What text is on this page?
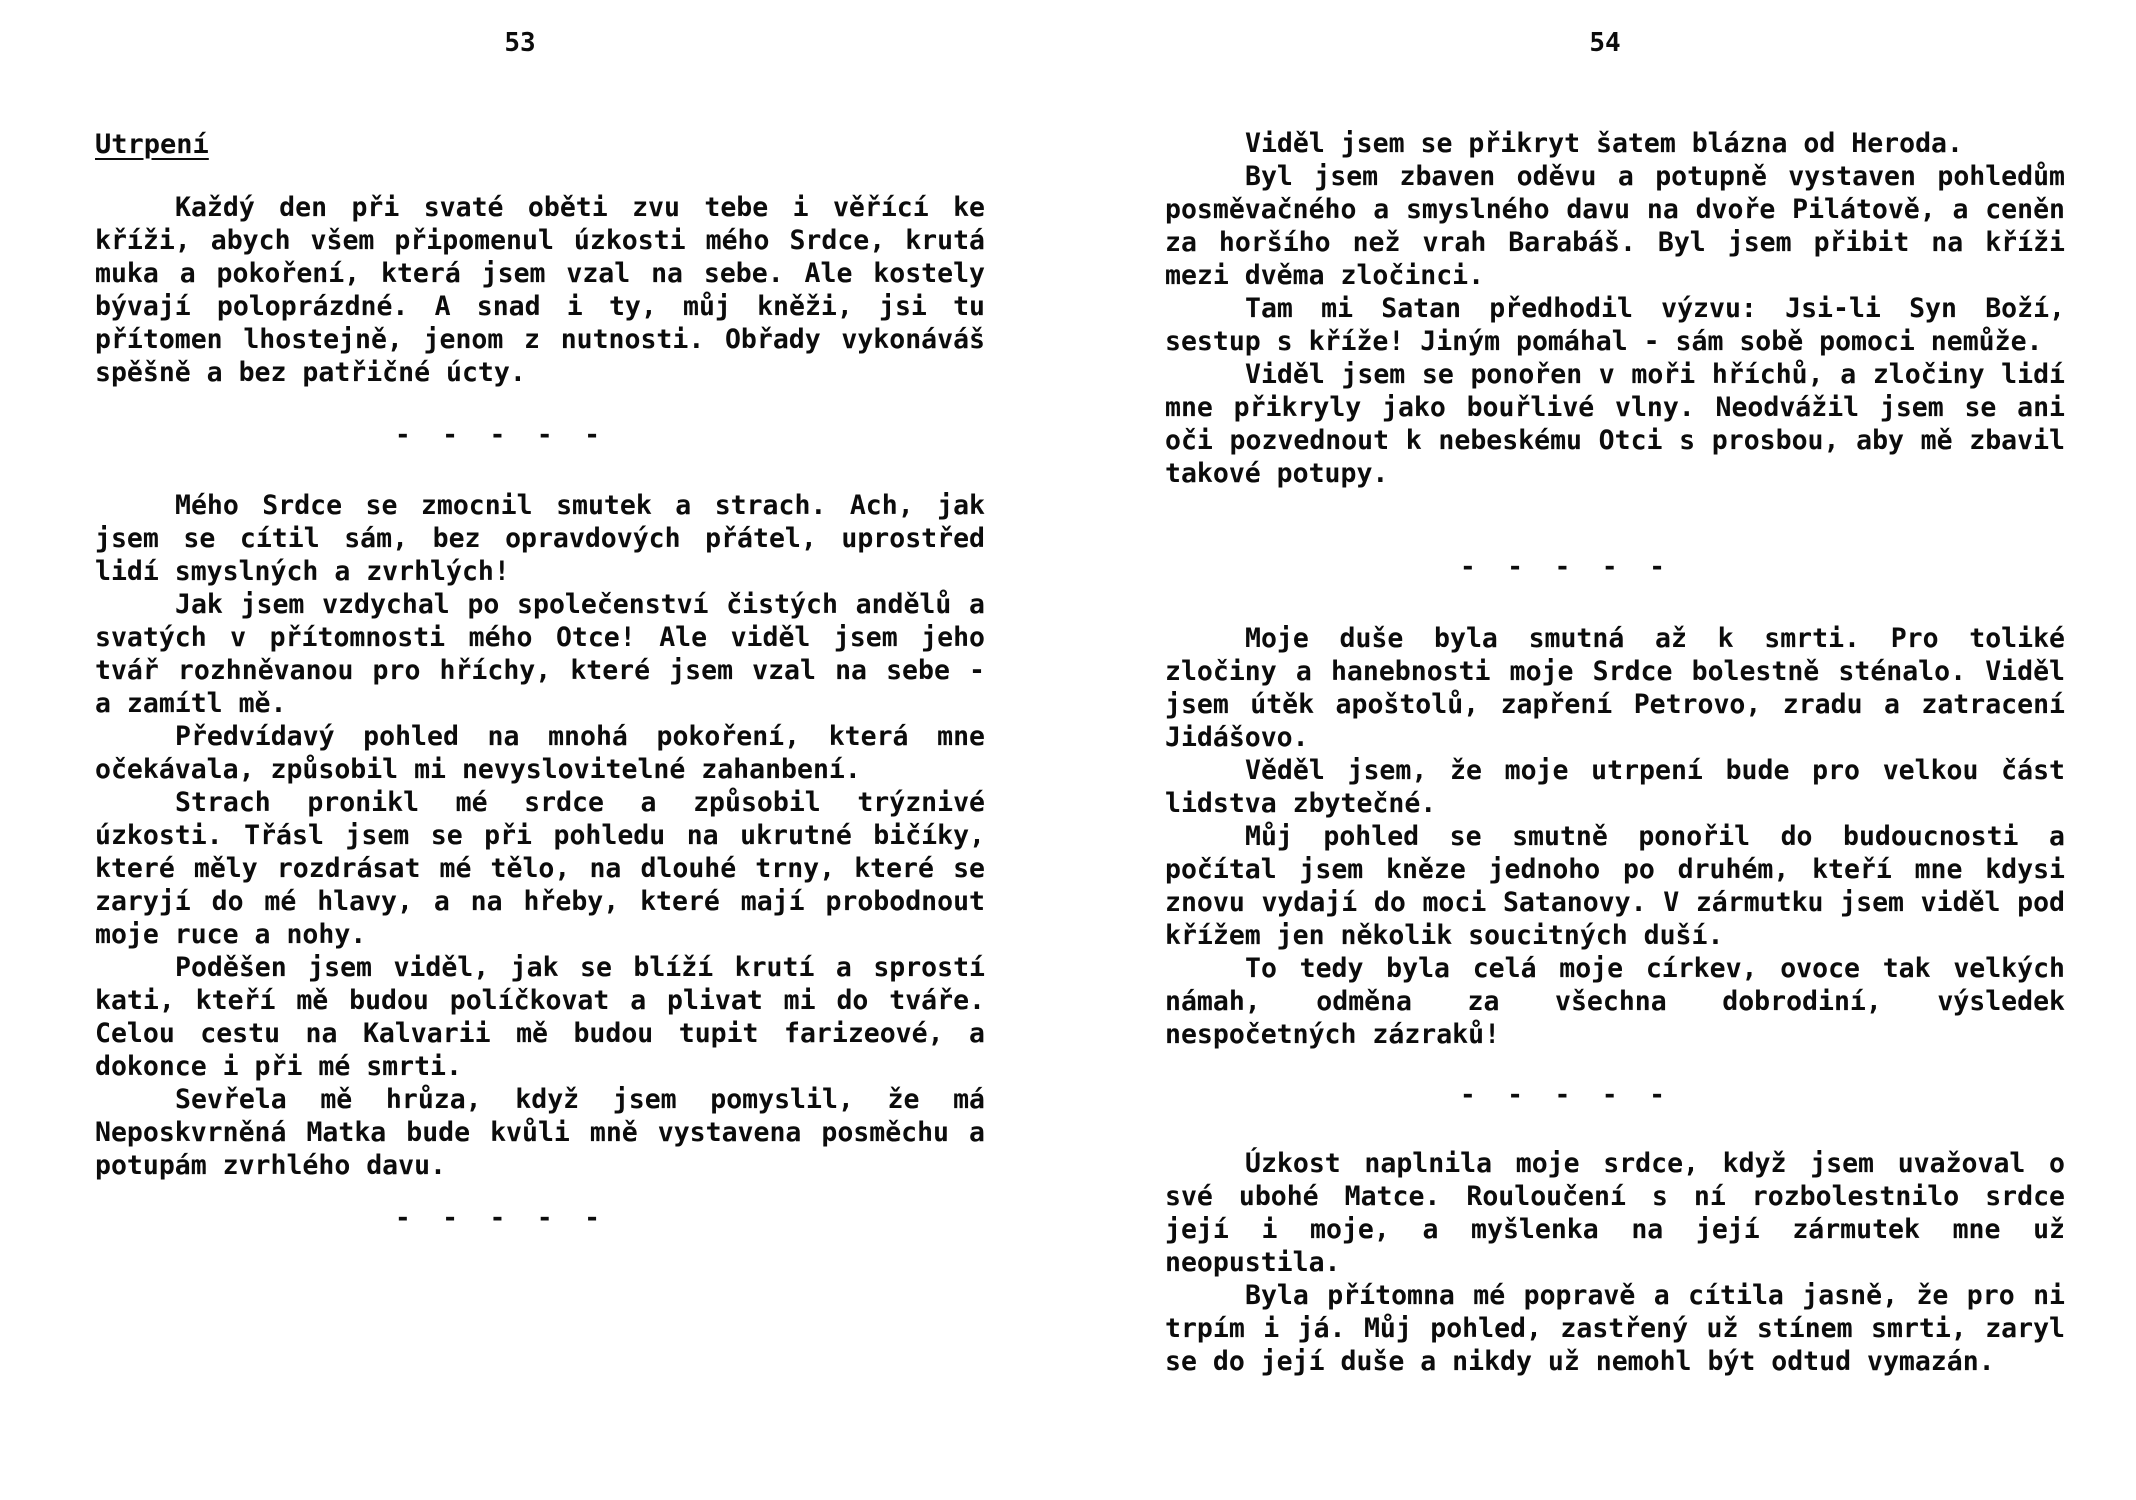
53
Utrpení

Každý den při svaté oběti zvu tebe i věřící ke kříži, abych všem připomenul úzkosti mého Srdce, krutá muka a pokoření, která jsem vzal na sebe. Ale kostely bývají poloprázdné. A snad i ty, můj kněži, jsi tu přítomen lhostejně, jenom z nutnosti. Obřady vykonáváš spěšně a bez patřičné úcty.

- - - - -

Mého Srdce se zmocnil smutek a strach. Ach, jak jsem se cítil sám, bez opravdových přátel, uprostřed lidí smyslných a zvrhlých!

Jak jsem vzdychal po společenství čistých andělů a svatých v přítomnosti mého Otce! Ale viděl jsem jeho tvář rozhněvanou pro hříchy, které jsem vzal na sebe - a zamítl mě.

Předvídavý pohled na mnohá pokoření, která mne očekávala, způsobil mi nevyslovitelné zahanbení.

Strach pronikl mé srdce a způsobil trýznivé úzkosti. Třásl jsem se při pohledu na ukrutné bičíky, které měly rozdrásat mé tělo, na dlouhé trny, které se zaryjí do mé hlavy, a na hřeby, které mají probodnout moje ruce a nohy.

Poděšen jsem viděl, jak se blíží krutí a sprostí kati, kteří mě budou políčkovat a plivat mi do tváře. Celou cestu na Kalvarii mě budou tupit farizeové, a dokonce i při mé smrti.

Sevřela mě hrůza, když jsem pomyslil, že má Neposkvrněná Matka bude kvůli mně vystavena posměchu a potupám zvrhlého davu.

- - - - -
54

Viděl jsem se přikryt šatem blázna od Heroda.

Byl jsem zbaven oděvu a potupně vystaven pohledům posměvačného a smyslného davu na dvoře Pilátově, a ceněn za horšího než vrah Barabáš. Byl jsem přibit na kříži mezi dvěma zločinci.

Tam mi Satan předhodil výzvu: Jsi-li Syn Boží, sestup s kříže! Jiným pomáhal - sám sobě pomoci nemůže.

Viděl jsem se ponořen v moři hříchů, a zločiny lidí mne přikryly jako bouřlivé vlny. Neodvážil jsem se ani oči pozvednout k nebeskému Otci s prosbou, aby mě zbavil takové potupy.

- - - - -

Moje duše byla smutná až k smrti. Pro toliké zločiny a hanebnosti moje Srdce bolestně sténalo. Viděl jsem útěk apoštolů, zapření Petrovo, zradu a zatracení Jidášovo.

Věděl jsem, že moje utrpení bude pro velkou část lidstva zbytečné.

Můj pohled se smutně ponořil do budoucnosti a počítal jsem kněze jednoho po druhém, kteří mne kdysi znovu vydají do moci Satanovy. V zármutku jsem viděl pod křížem jen několik soucitných duší.

To tedy byla celá moje církev, ovoce tak velkých námah, odměna za všechna dobrodiní, výsledek nespočetných zázraků!

- - - - -

Úzkost naplnila moje srdce, když jsem uvažoval o své ubohé Matce. Rouloučení s ní rozbolestnilo srdce její i moje, a myšlenka na její zármutek mne už neopustila.

Byla přítomna mé popravě a cítila jasně, že pro ni trpím i já. Můj pohled, zastřený už stínem smrti, zaryl se do její duše a nikdy už nemohl být odtud vymazán.
